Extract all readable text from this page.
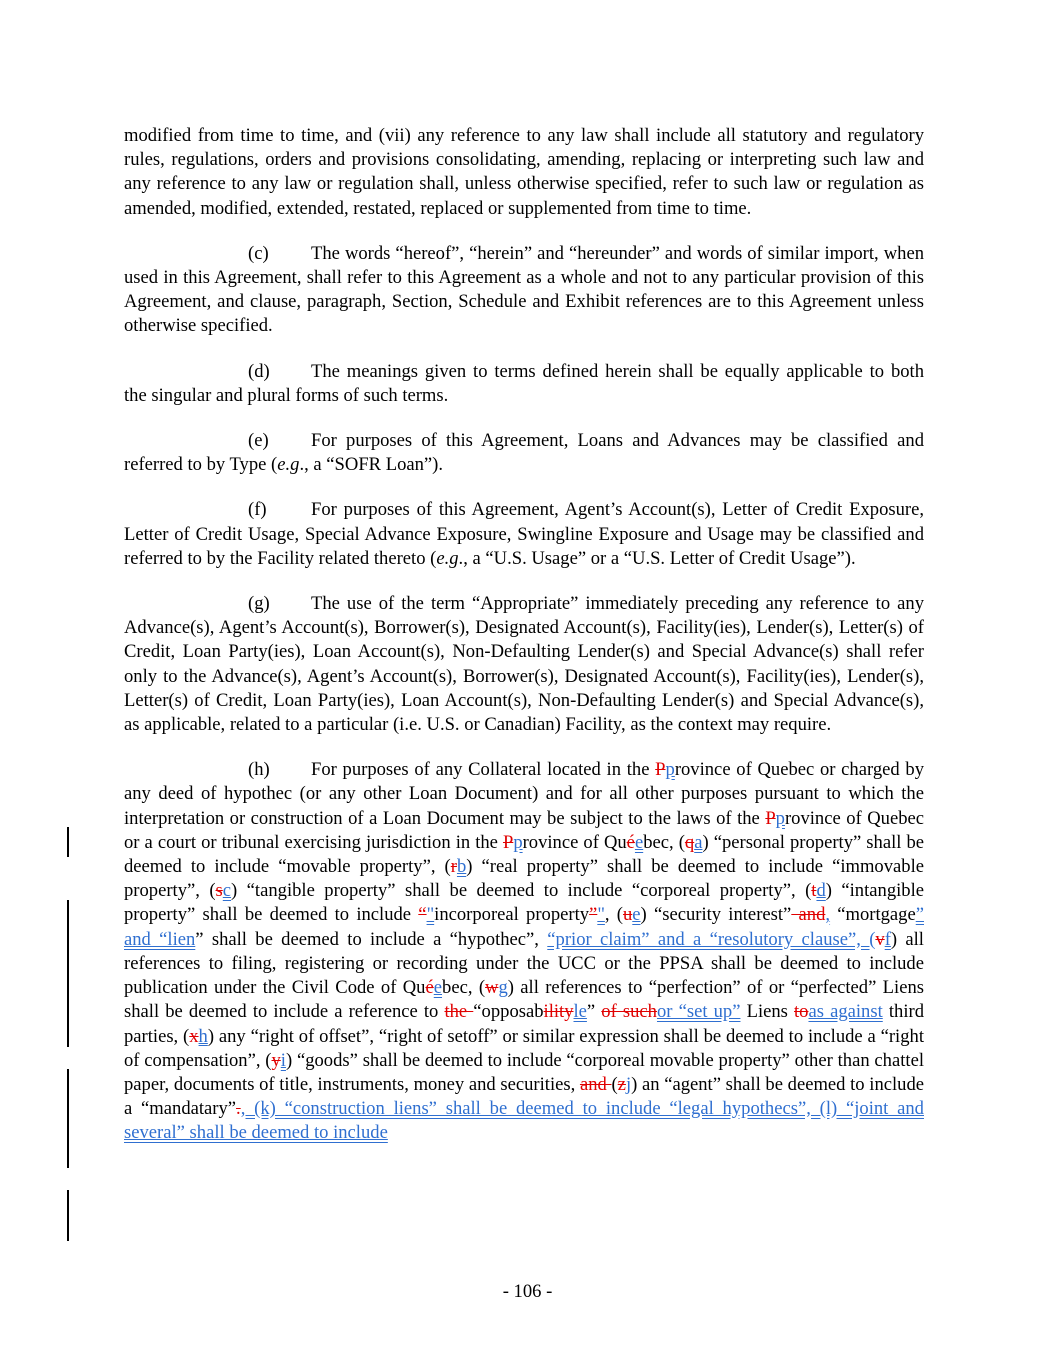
modified from time to time, and (vii) any reference to any law shall include all statutory and regulatory rules, regulations, orders and provisions consolidating, amending, replacing or interpreting such law and any reference to any law or regulation shall, unless otherwise specified, refer to such law or regulation as amended, modified, extended, restated, replaced or supplemented from time to time.

(c) The words “hereof”, “herein” and “hereunder” and words of similar import, when used in this Agreement, shall refer to this Agreement as a whole and not to any particular provision of this Agreement, and clause, paragraph, Section, Schedule and Exhibit references are to this Agreement unless otherwise specified.

(d) The meanings given to terms defined herein shall be equally applicable to both the singular and plural forms of such terms.

(e) For purposes of this Agreement, Loans and Advances may be classified and referred to by Type (e.g., a “SOFR Loan”).

(f) For purposes of this Agreement, Agent’s Account(s), Letter of Credit Exposure, Letter of Credit Usage, Special Advance Exposure, Swingline Exposure and Usage may be classified and referred to by the Facility related thereto (e.g., a “U.S. Usage” or a “U.S. Letter of Credit Usage”).

(g) The use of the term “Appropriate” immediately preceding any reference to any Advance(s), Agent’s Account(s), Borrower(s), Designated Account(s), Facility(ies), Lender(s), Letter(s) of Credit, Loan Party(ies), Loan Account(s), Non-Defaulting Lender(s) and Special Advance(s) shall refer only to the Advance(s), Agent’s Account(s), Borrower(s), Designated Account(s), Facility(ies), Lender(s), Letter(s) of Credit, Loan Party(ies), Loan Account(s), Non-Defaulting Lender(s) and Special Advance(s), as applicable, related to a particular (i.e. U.S. or Canadian) Facility, as the context may require.

(h) For purposes of any Collateral located in the Pprovince of Quebec or charged by any deed of hypothec (or any other Loan Document) and for all other purposes pursuant to which the interpretation or construction of a Loan Document may be subject to the laws of the Pprovince of Quebec or a court or tribunal exercising jurisdiction in the Pprovince of Quéebec, (qa) “personal property” shall be deemed to include “movable property”, (rb) “real property” shall be deemed to include “immovable property”, (sc) “tangible property” shall be deemed to include “corporeal property”, (td) “intangible property” shall be deemed to include “"incorporeal property”", (ue) “security interest” and, “mortgage” and “lien” shall be deemed to include a “hypothec”, “prior claim” and a “resolutory clause”, (vf) all references to filing, registering or recording under the UCC or the PPSA shall be deemed to include publication under the Civil Code of Quéebec, (wg) all references to “perfection” of or “perfected” Liens shall be deemed to include a reference to the “opposabilityle” of suchor “set up” Liens toas against third parties, (xh) any “right of offset”, “right of setoff” or similar expression shall be deemed to include a “right of compensation”, (yi) “goods” shall be deemed to include “corporeal movable property” other than chattel paper, documents of title, instruments, money and securities, and (zj) an “agent” shall be deemed to include a “mandatary”., (k) “construction liens” shall be deemed to include “legal hypothecs”, (l) “joint and several” shall be deemed to include

- 106 -
